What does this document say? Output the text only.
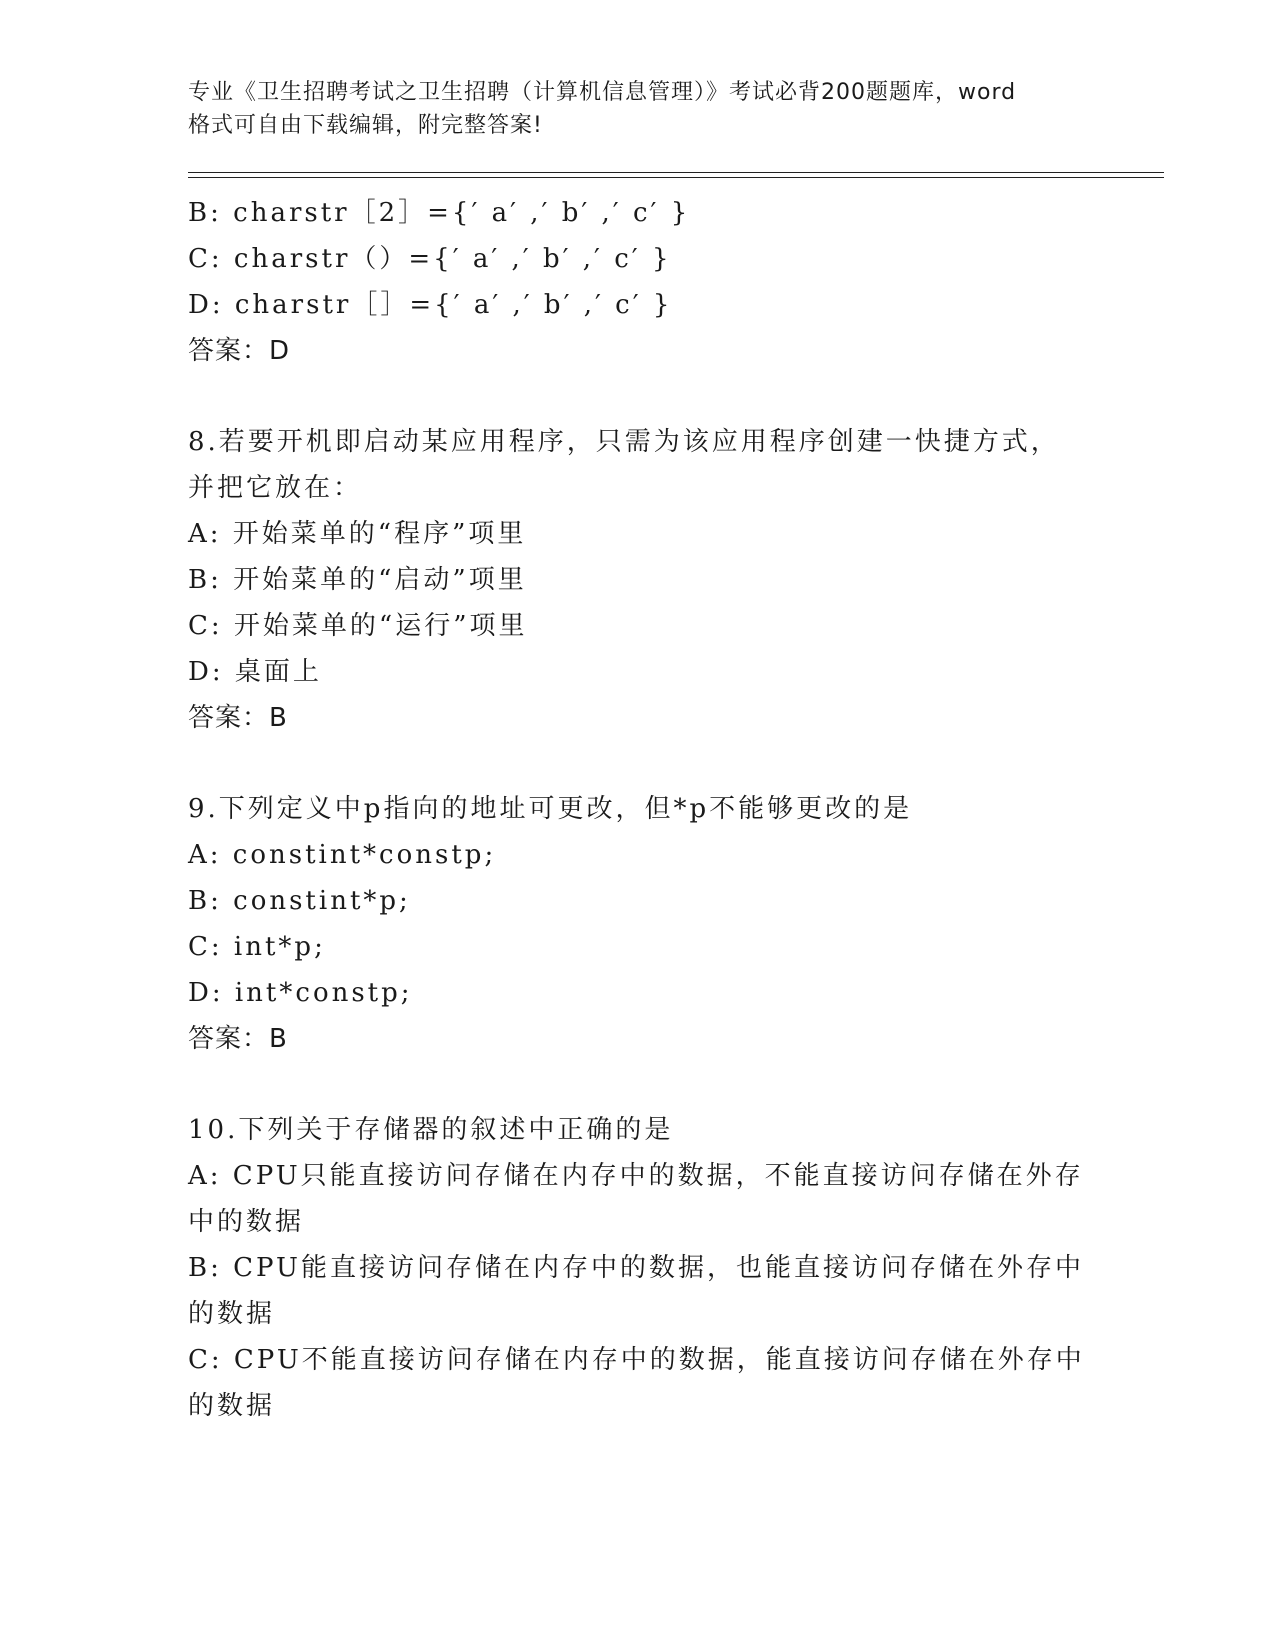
专业《卫生招聘考试之卫生招聘（计算机信息管理）》考试必背200题题库，word
格式可自由下载编辑，附完整答案!
B: charstr［2］={′ a′ ,′ b′ ,′ c′ }
C: charstr（）={′ a′ ,′ b′ ,′ c′ }
D: charstr［］={′ a′ ,′ b′ ,′ c′ }
答案：D
8.若要开机即启动某应用程序，只需为该应用程序创建一快捷方式，
并把它放在：
A: 开始菜单的“程序”项里
B: 开始菜单的“启动”项里
C: 开始菜单的“运行”项里
D: 桌面上
答案：B
9.下列定义中p指向的地址可更改，但*p不能够更改的是
A: constint*constp;
B: constint*p;
C: int*p;
D: int*constp;
答案：B
10.下列关于存储器的叙述中正确的是
A: CPU只能直接访问存储在内存中的数据，不能直接访问存储在外存
中的数据
B: CPU能直接访问存储在内存中的数据，也能直接访问存储在外存中
的数据
C: CPU不能直接访问存储在内存中的数据，能直接访问存储在外存中
的数据
